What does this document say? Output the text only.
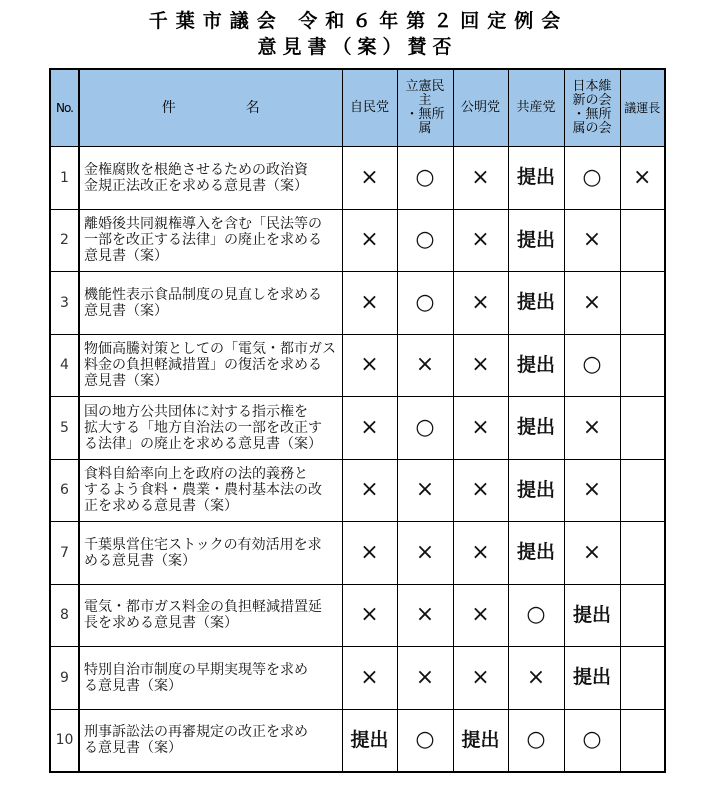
千葉市議会 令和６年第２回定例会
意見書（案）賛否
No.	件　　　　　名	自民党	立憲民
主
・無所
属	公明党	共産党	日本維
新の会
・無所
属の会	議運長
1	金権腐敗を根絶させるための政治資
金規正法改正を求める意見書（案）	×	○	×	提出	○	×
2	離婚後共同親権導入を含む「民法等の
一部を改正する法律」の廃止を求める
意見書（案）	×	○	×	提出	×	
3	機能性表示食品制度の見直しを求める
意見書（案）	×	○	×	提出	×	
4	物価高騰対策としての「電気・都市ガス
料金の負担軽減措置」の復活を求める
意見書（案）	×	×	×	提出	○	
5	国の地方公共団体に対する指示権を
拡大する「地方自治法の一部を改正す
る法律」の廃止を求める意見書（案）	×	○	×	提出	×	
6	食料自給率向上を政府の法的義務と
するよう食料・農業・農村基本法の改
正を求める意見書（案）	×	×	×	提出	×	
7	千葉県営住宅ストックの有効活用を求
める意見書（案）	×	×	×	提出	×	
8	電気・都市ガス料金の負担軽減措置延
長を求める意見書（案）	×	×	×	○	提出	
9	特別自治市制度の早期実現等を求め
る意見書（案）	×	×	×	×	提出	
10	刑事訴訟法の再審規定の改正を求め
る意見書（案）	提出	○	提出	○	○	
